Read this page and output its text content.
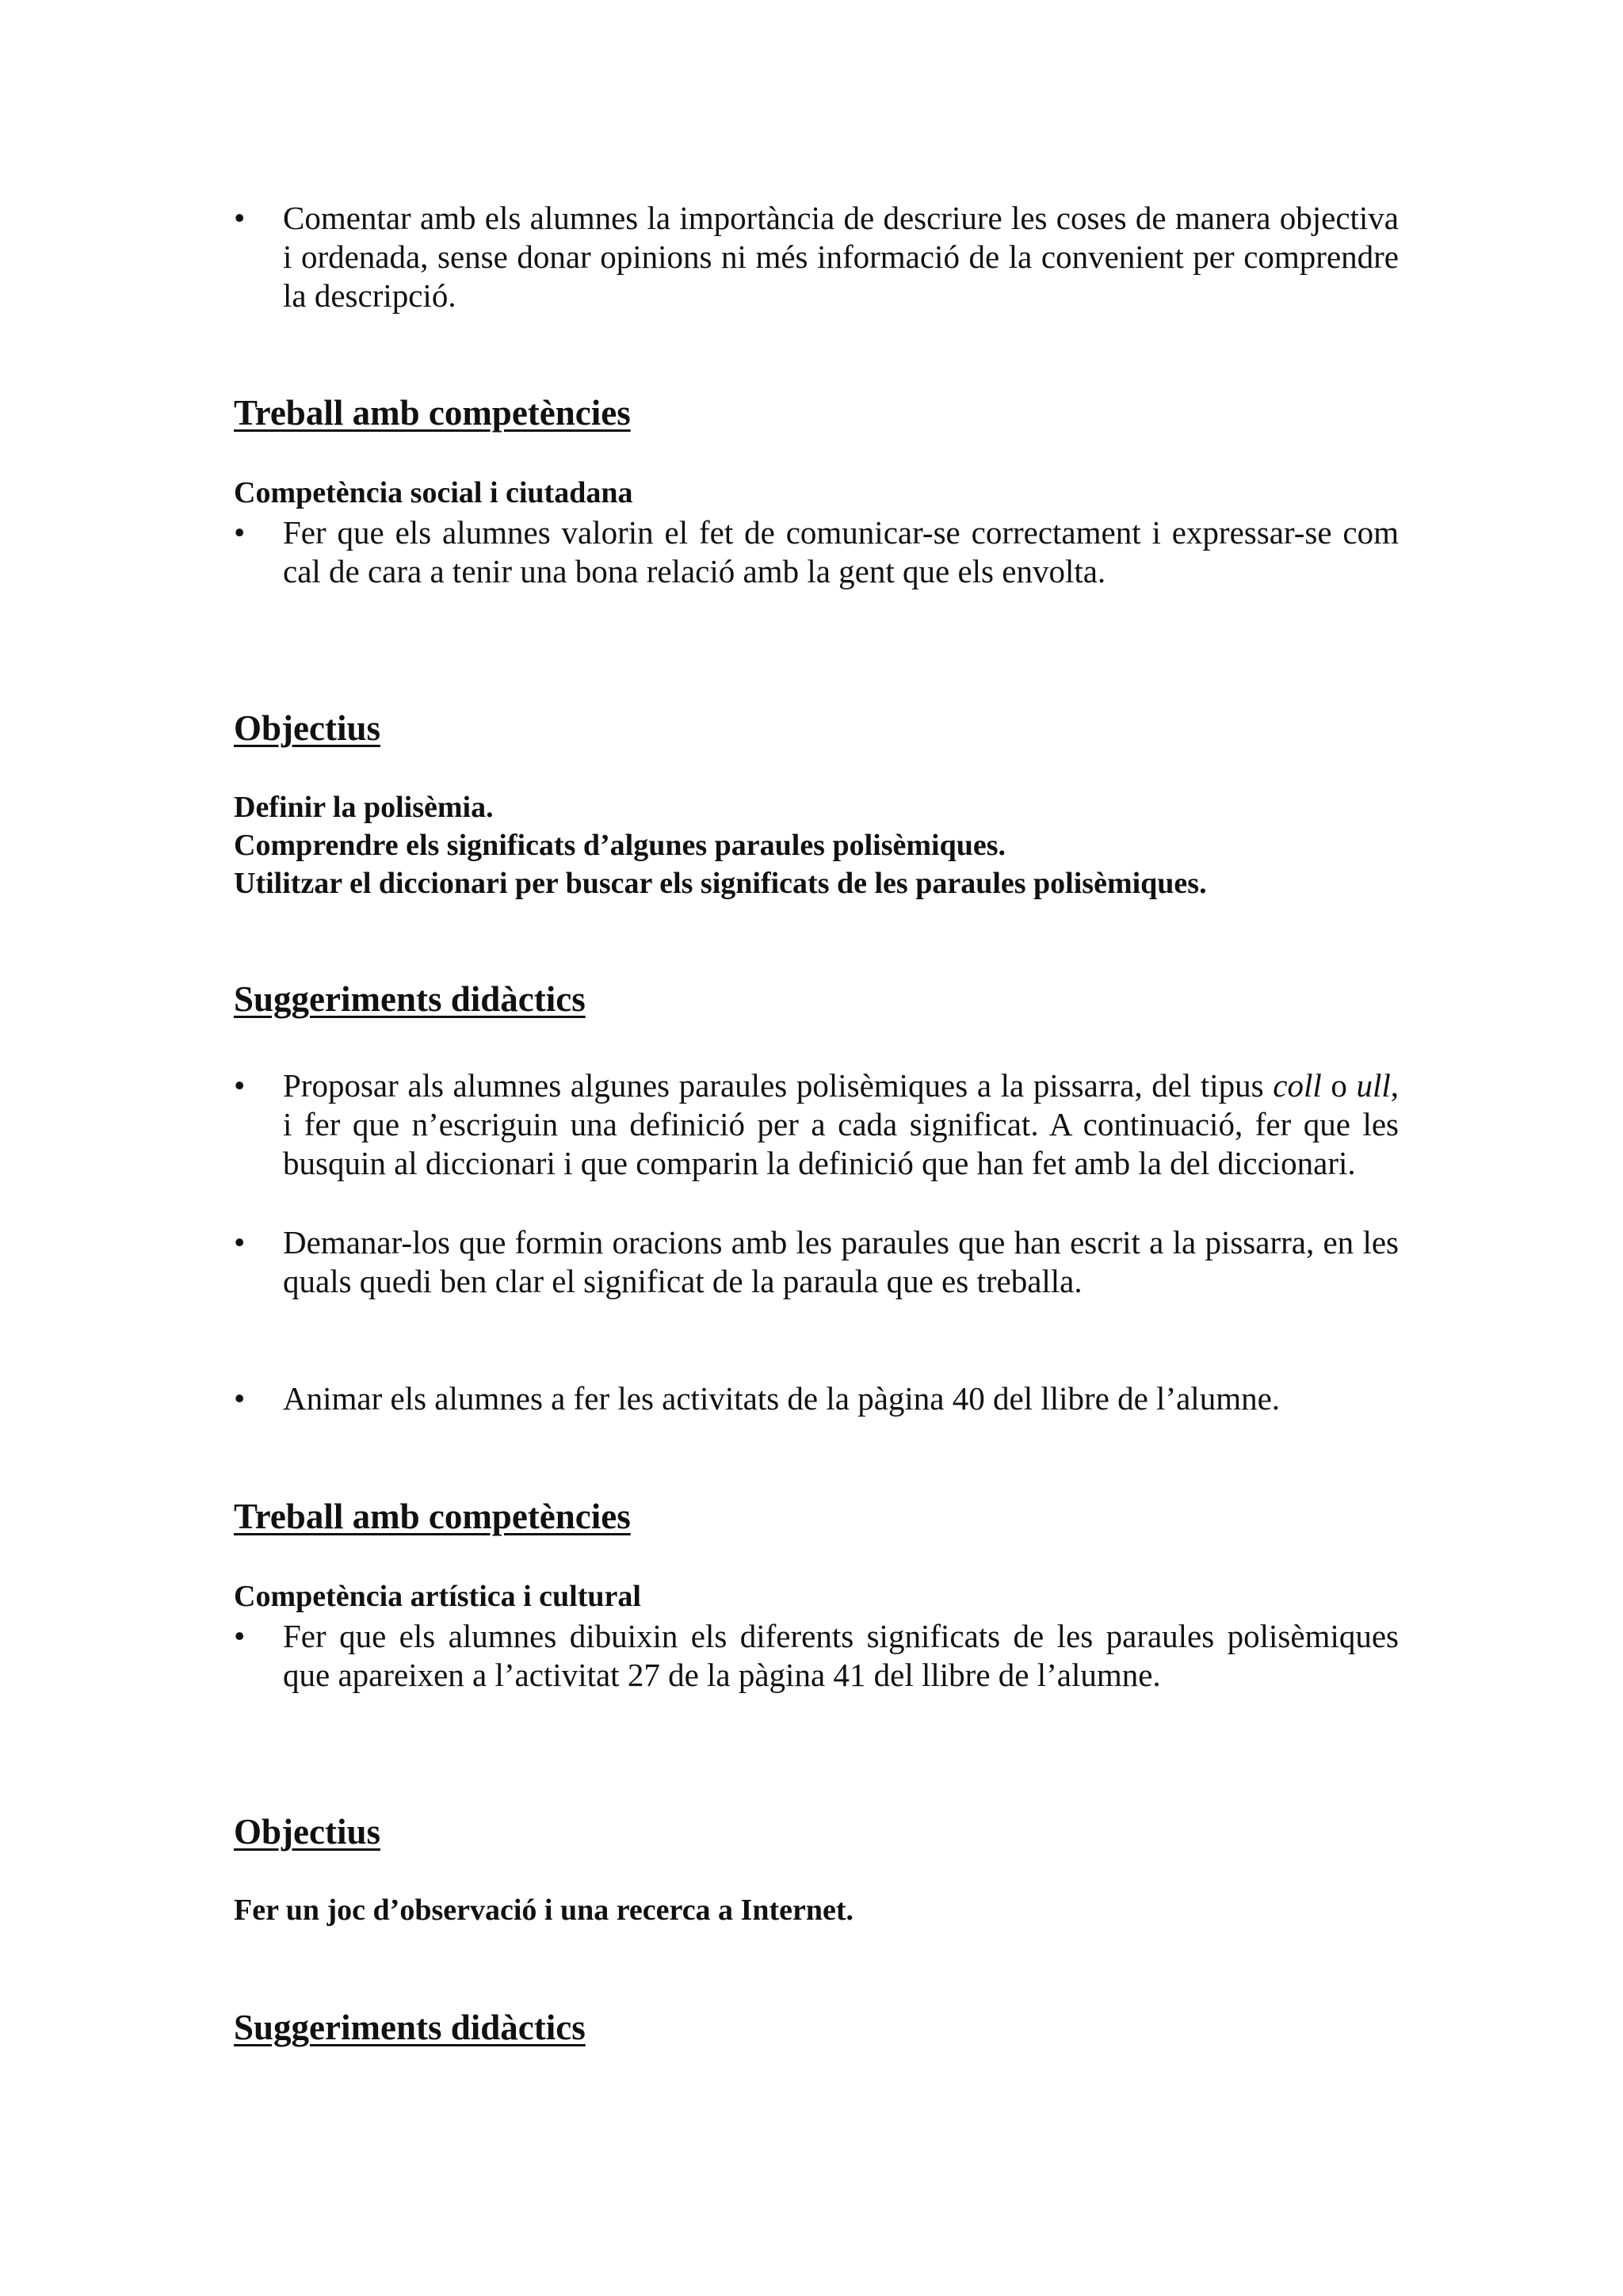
•	Comentar amb els alumnes la importància de descriure les coses de manera objectiva i ordenada, sense donar opinions ni més informació de la convenient per comprendre la descripció.
Treball amb competències
Competència social i ciutadana
•	Fer que els alumnes valorin el fet de comunicar-se correctament i expressar-se com cal de cara a tenir una bona relació amb la gent que els envolta.
Objectius
Definir la polisèmia.
Comprendre els significats d’algunes paraules polisèmiques.
Utilitzar el diccionari per buscar els significats de les paraules polisèmiques.
Suggeriments didàctics
•	Proposar als alumnes algunes paraules polisèmiques a la pissarra, del tipus coll o ull, i fer que n’escriguin una definició per a cada significat. A continuació, fer que les busquin al diccionari i que comparin la definició que han fet amb la del diccionari.
•	Demanar-los que formin oracions amb les paraules que han escrit a la pissarra, en les quals quedi ben clar el significat de la paraula que es treballa.
•	Animar els alumnes a fer les activitats de la pàgina 40 del llibre de l’alumne.
Treball amb competències
Competència artística i cultural
•	Fer que els alumnes dibuixin els diferents significats de les paraules polisèmiques que apareixen a l’activitat 27 de la pàgina 41 del llibre de l’alumne.
Objectius
Fer un joc d’observació i una recerca a Internet.
Suggeriments didàctics
